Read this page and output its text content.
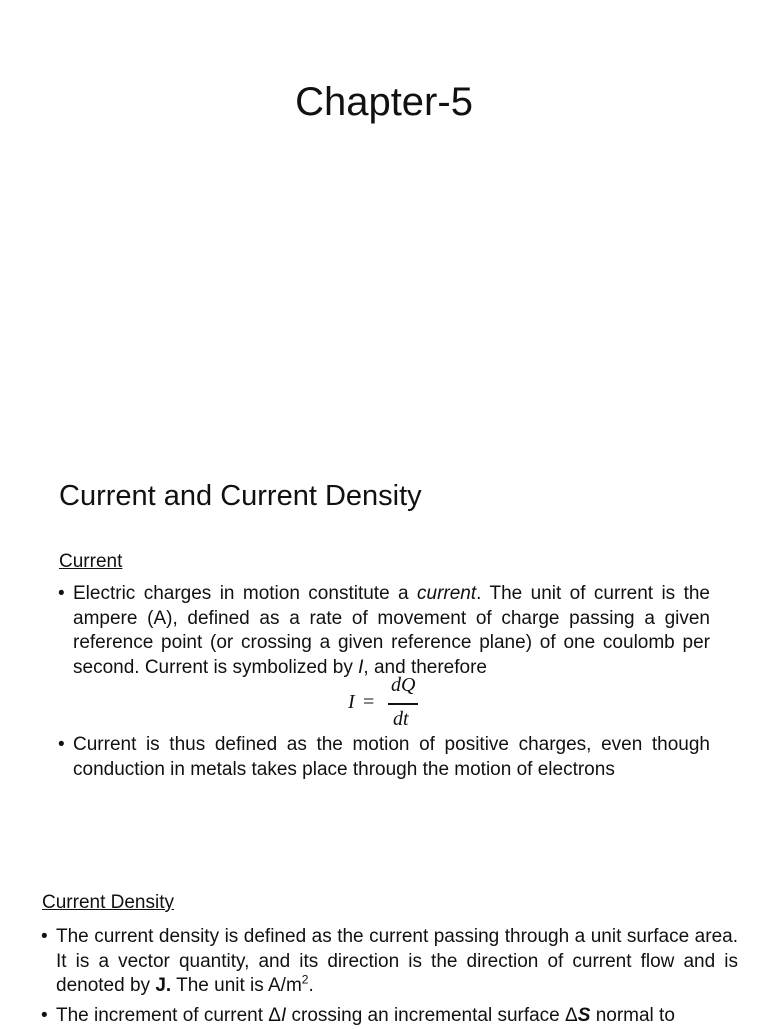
Chapter-5
Current and Current Density
Current
• Electric charges in motion constitute a current. The unit of current is the ampere (A), defined as a rate of movement of charge passing a given reference point (or crossing a given reference plane) of one coulomb per second. Current is symbolized by I, and therefore
I =
dQ
dt
• Current is thus defined as the motion of positive charges, even though conduction in metals takes place through the motion of electrons
Current Density
• The current density is defined as the current passing through a unit surface area. It is a vector quantity, and its direction is the direction of current flow and is denoted by J. The unit is $A/m^2$.
• The increment of current ΔI crossing an incremental surface ΔS normal to
